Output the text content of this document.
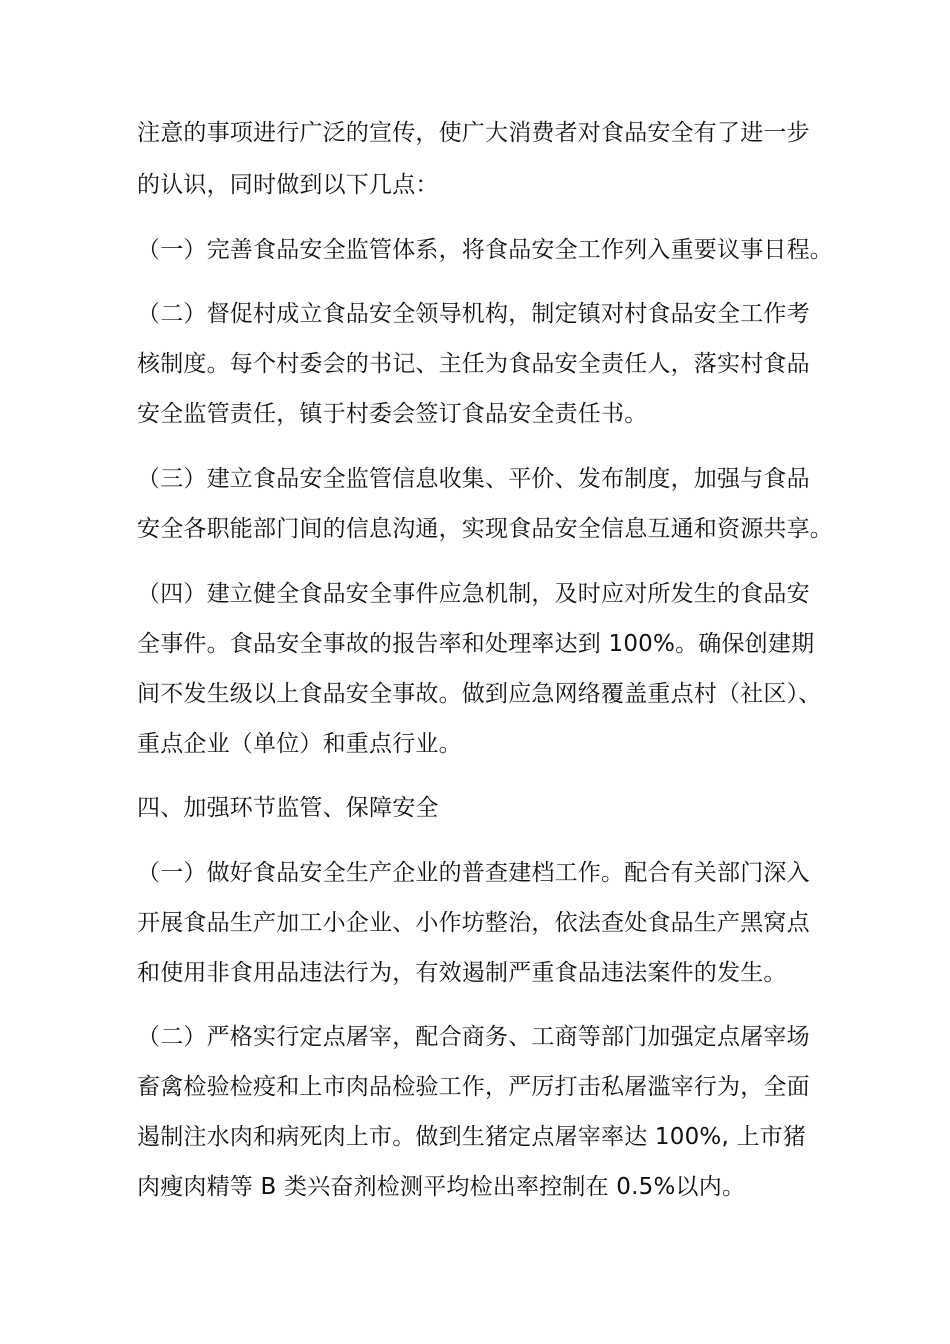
注意的事项进行广泛的宣传，使广大消费者对食品安全有了进一步
的认识，同时做到以下几点：
（一）完善食品安全监管体系，将食品安全工作列入重要议事日程。
（二）督促村成立食品安全领导机构，制定镇对村食品安全工作考
核制度。每个村委会的书记、主任为食品安全责任人，落实村食品
安全监管责任，镇于村委会签订食品安全责任书。
（三）建立食品安全监管信息收集、平价、发布制度，加强与食品
安全各职能部门间的信息沟通，实现食品安全信息互通和资源共享。
（四）建立健全食品安全事件应急机制，及时应对所发生的食品安
全事件。食品安全事故的报告率和处理率达到 100%。确保创建期
间不发生级以上食品安全事故。做到应急网络覆盖重点村（社区）、
重点企业（单位）和重点行业。
四、加强环节监管、保障安全
（一）做好食品安全生产企业的普查建档工作。配合有关部门深入
开展食品生产加工小企业、小作坊整治，依法查处食品生产黑窝点
和使用非食用品违法行为，有效遏制严重食品违法案件的发生。
（二）严格实行定点屠宰，配合商务、工商等部门加强定点屠宰场
畜禽检验检疫和上市肉品检验工作，严厉打击私屠滥宰行为，全面
遏制注水肉和病死肉上市。做到生猪定点屠宰率达 100%, 上市猪
肉瘦肉精等 B 类兴奋剂检测平均检出率控制在 0.5%以内。
